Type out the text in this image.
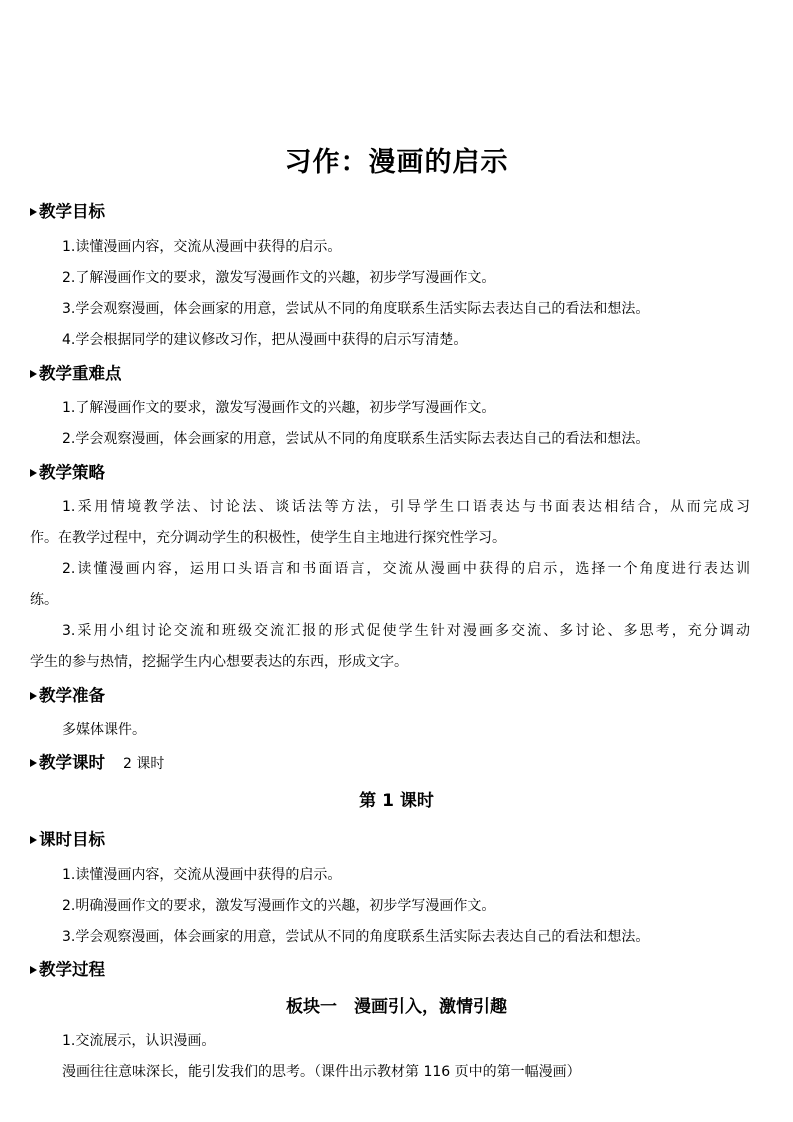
习作：漫画的启示
教学目标
1.读懂漫画内容，交流从漫画中获得的启示。
2.了解漫画作文的要求，激发写漫画作文的兴趣，初步学写漫画作文。
3.学会观察漫画，体会画家的用意，尝试从不同的角度联系生活实际去表达自己的看法和想法。
4.学会根据同学的建议修改习作，把从漫画中获得的启示写清楚。
教学重难点
1.了解漫画作文的要求，激发写漫画作文的兴趣，初步学写漫画作文。
2.学会观察漫画，体会画家的用意，尝试从不同的角度联系生活实际去表达自己的看法和想法。
教学策略
1.采用情境教学法、讨论法、谈话法等方法，引导学生口语表达与书面表达相结合，从而完成习
作。在教学过程中，充分调动学生的积极性，使学生自主地进行探究性学习。
2.读懂漫画内容，运用口头语言和书面语言，交流从漫画中获得的启示，选择一个角度进行表达训
练。
3.采用小组讨论交流和班级交流汇报的形式促使学生针对漫画多交流、多讨论、多思考，充分调动
学生的参与热情，挖掘学生内心想要表达的东西，形成文字。
教学准备
多媒体课件。
教学课时 2 课时
第 1 课时
课时目标
1.读懂漫画内容，交流从漫画中获得的启示。
2.明确漫画作文的要求，激发写漫画作文的兴趣，初步学写漫画作文。
3.学会观察漫画，体会画家的用意，尝试从不同的角度联系生活实际去表达自己的看法和想法。
教学过程
板块一　漫画引入，激情引趣
1.交流展示，认识漫画。
漫画往往意味深长，能引发我们的思考。（课件出示教材第 116 页中的第一幅漫画）
